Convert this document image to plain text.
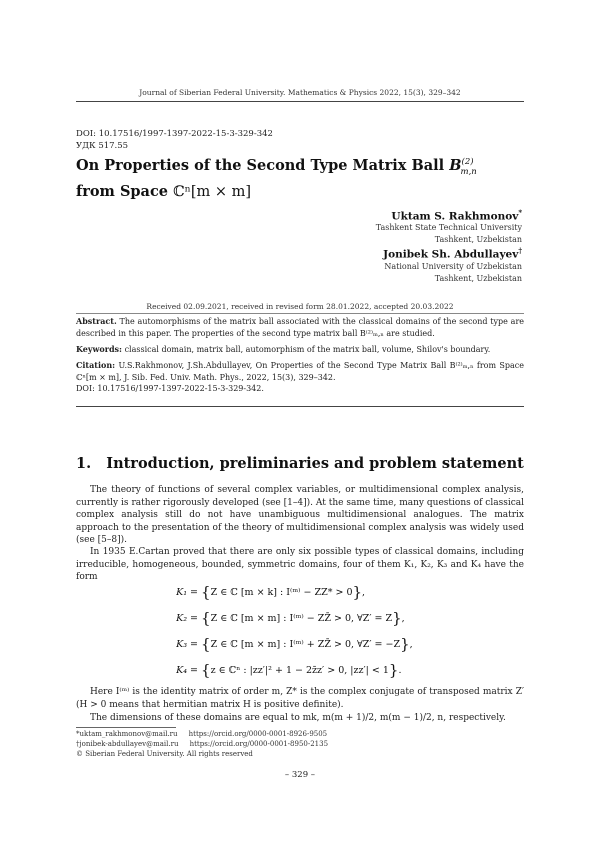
Journal of Siberian Federal University. Mathematics & Physics 2022, 15(3), 329–342
DOI: 10.17516/1997-1397-2022-15-3-329-342
УДК 517.55
On Properties of the Second Type Matrix Ball $B^{(2)}_{m,n}$
from Space ℂⁿ[m × m]
Uktam S. Rakhmonov*
Tashkent State Technical University
Tashkent, Uzbekistan
Jonibek Sh. Abdullayev†
National University of Uzbekistan
Tashkent, Uzbekistan
Received 02.09.2021, received in revised form 28.01.2022, accepted 20.03.2022
Abstract. The automorphisms of the matrix ball associated with the classical domains of the second type are described in this paper. The properties of the second type matrix ball B⁽²⁾ₘ,ₙ are studied.
Keywords: classical domain, matrix ball, automorphism of the matrix ball, volume, Shilov's boundary.
Citation: U.S.Rakhmonov, J.Sh.Abdullayev, On Properties of the Second Type Matrix Ball B⁽²⁾ₘ,ₙ from Space ℂⁿ[m × m], J. Sib. Fed. Univ. Math. Phys., 2022, 15(3), 329–342.
DOI: 10.17516/1997-1397-2022-15-3-329-342.
1.   Introduction, preliminaries and problem statement

The theory of functions of several complex variables, or multidimensional complex analysis, currently is rather rigorously developed (see [1–4]). At the same time, many questions of classical complex analysis still do not have unambiguous multidimensional analogues. The matrix approach to the presentation of the theory of multidimensional complex analysis was widely used (see [5–8]).

In 1935 E.Cartan proved that there are only six possible types of classical domains, including irreducible, homogeneous, bounded, symmetric domains, four of them K₁, K₂, K₃ and K₄ have the form

K₁ = {Z ∈ ℂ [m × k] : I⁽ᵐ⁾ − ZZ* > 0},
K₂ = {Z ∈ ℂ [m × m] : I⁽ᵐ⁾ − ZZ̄ > 0, ∀Z′ = Z},
K₃ = {Z ∈ ℂ [m × m] : I⁽ᵐ⁾ + ZZ̄ > 0, ∀Z′ = −Z},
K₄ = {z ∈ ℂⁿ : |zz′|² + 1 − 2z̄z′ > 0, |zz′| < 1}.

Here I⁽ᵐ⁾ is the identity matrix of order m, Z* is the complex conjugate of transposed matrix Z′ (H > 0 means that hermitian matrix H is positive definite).

The dimensions of these domains are equal to mk, m(m + 1)/2, m(m − 1)/2, n, respectively.

*uktam_rakhmonov@mail.ru     https://orcid.org/0000-0001-8926-9505
†jonibek-abdullayev@mail.ru     https://orcid.org/0000-0001-8950-2135
© Siberian Federal University. All rights reserved
– 329 –
